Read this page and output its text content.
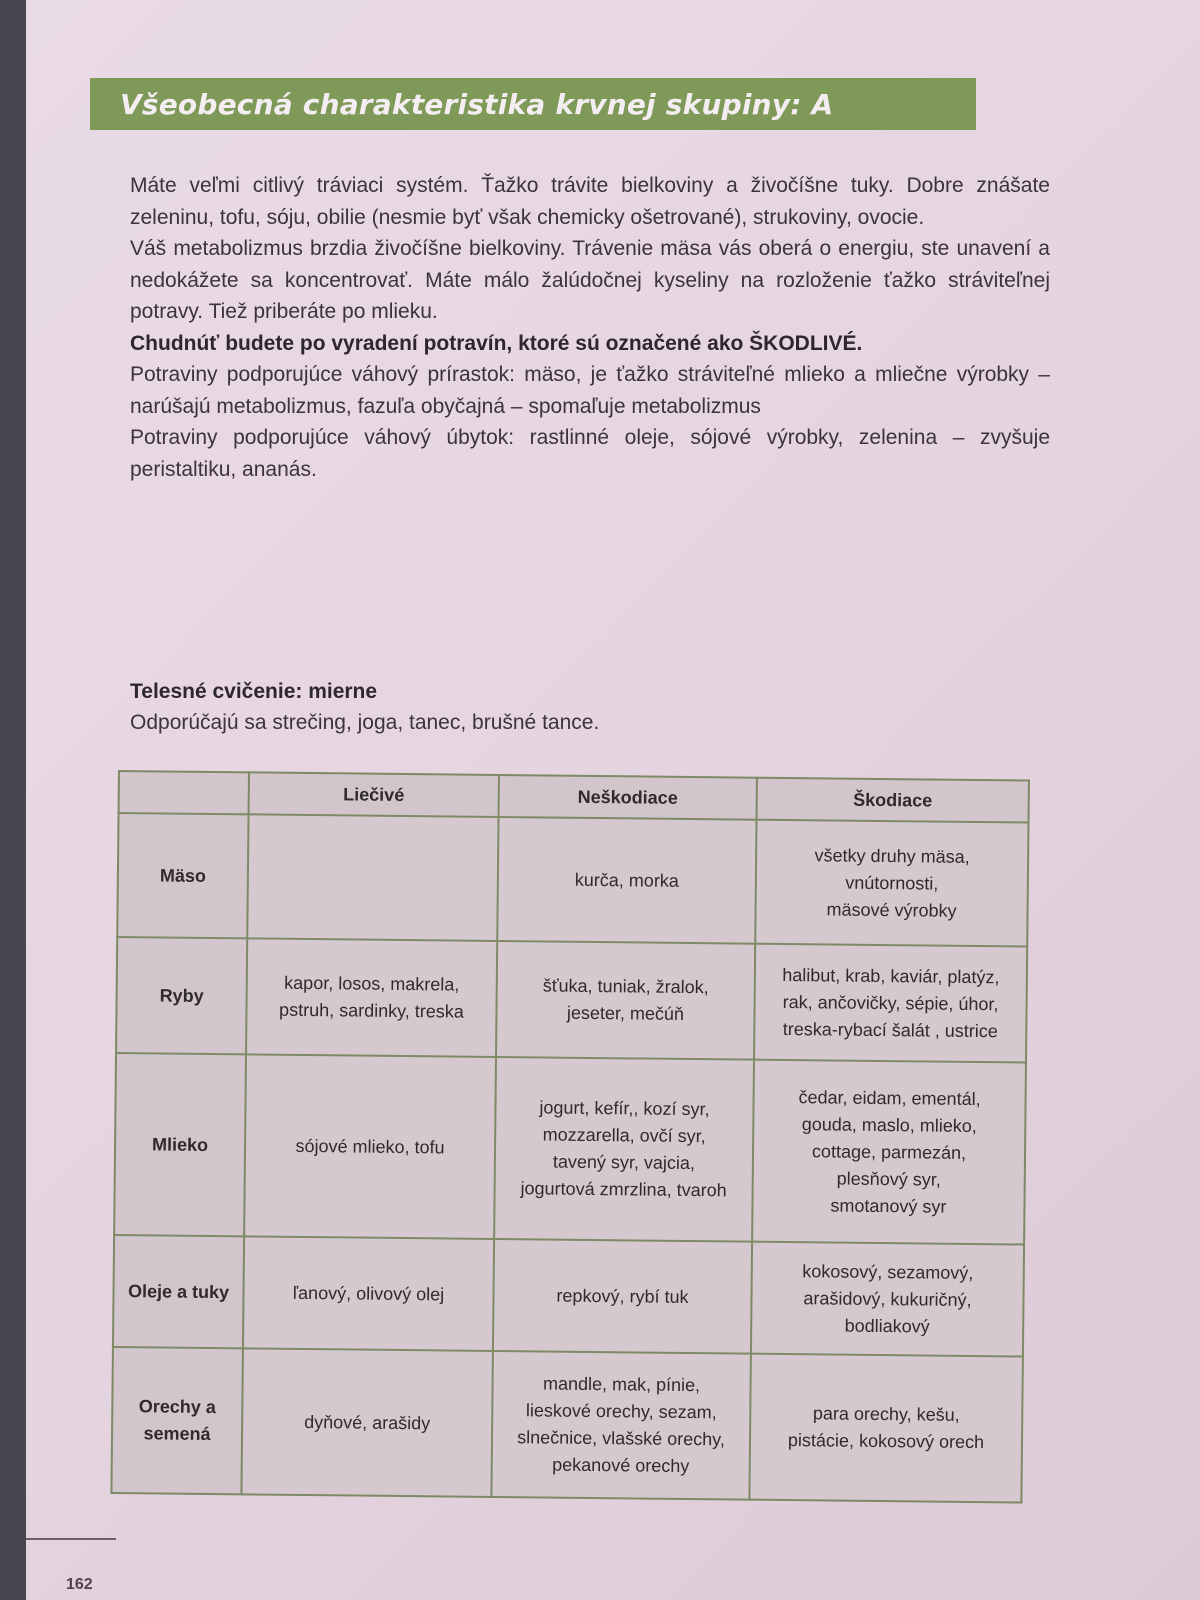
Všeobecná charakteristika krvnej skupiny: A

Máte veľmi citlivý tráviaci systém. Ťažko trávite bielkoviny a živočíšne tuky. Dobre znášate zeleninu, tofu, sóju, obilie (nesmie byť však chemicky ošetrované), strukoviny, ovocie.

Váš metabolizmus brzdia živočíšne bielkoviny. Trávenie mäsa vás oberá o energiu, ste unavení a nedokážete sa koncentrovať. Máte málo žalúdočnej kyseliny na rozloženie ťažko stráviteľnej potravy. Tiež priberáte po mlieku.

Chudnúť budete po vyradení potravín, ktoré sú označené ako ŠKODLIVÉ.

Potraviny podporujúce váhový prírastok: mäso, je ťažko stráviteľné mlieko a mliečne výrobky – narúšajú metabolizmus, fazuľa obyčajná – spomaľuje metabolizmus

Potraviny podporujúce váhový úbytok: rastlinné oleje, sójové výrobky, zelenina – zvyšuje peristaltiku, ananás.

Telesné cvičenie: mierne
Odporúčajú sa strečing, joga, tanec, brušné tance.
	Liečivé	Neškodiace	Škodiace
Mäso		kurča, morka	všetky druhy mäsa,
vnútornosti,
mäsové výrobky

Ryby	kapor, losos, makrela,
pstruh, sardinky, treska	šťuka, tuniak, žralok,
jeseter, mečúň	halibut, krab, kaviár, platýz,
rak, ančovičky, sépie, úhor,
treska-rybací šalát , ustrice

Mlieko	sójové mlieko, tofu	jogurt, kefír,, kozí syr,
mozzarella, ovčí syr,
tavený syr, vajcia,
jogurtová zmrzlina, tvaroh	čedar, eidam, ementál,
gouda, maslo, mlieko,
cottage, parmezán,
plesňový syr,
smotanový syr

Oleje a tuky	ľanový, olivový olej	repkový, rybí tuk	kokosový, sezamový,
arašidový, kukuričný,
bodliakový

Orechy a semená	dyňové, arašidy	mandle, mak, pínie,
lieskové orechy, sezam,
slnečnice, vlašské orechy,
pekanové orechy	para orechy, kešu,
pistácie, kokosový orech
162
